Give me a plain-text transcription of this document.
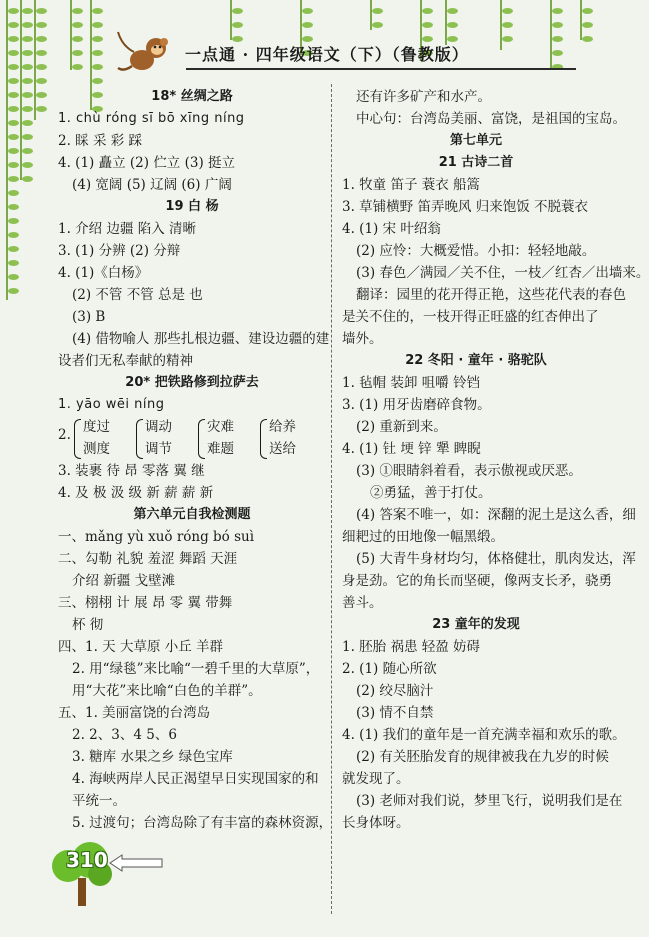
一点通 · 四年级语文（下）（鲁教版）
18* 丝绸之路
1. chù róng sī bō xīng níng
2. 睬 采 彩 踩
4. (1) 矗立 (2) 伫立 (3) 挺立
(4) 宽阔 (5) 辽阔 (6) 广阔
19 白 杨
1. 介绍 边疆 陷入 清晰
3. (1) 分辨 (2) 分辩
4. (1)《白杨》
(2) 不管 不管 总是 也
(3) B
(4) 借物喻人 那些扎根边疆、建设边疆的建
设者们无私奉献的精神
20* 把铁路修到拉萨去
1. yāo wēi níng
2. 度过
测度
调动
调节
灾难
难题
给养
送给
3. 装裹 待 昂 零落 翼 继
4. 及 极 汲 级 新 薪 薪 新
第六单元自我检测题
一、mǎng yù xuǒ róng bó suì
二、勾勒 礼貌 羞涩 舞蹈 天涯
介绍 新疆 戈壁滩
三、栩栩 计 展 昂 零 翼 带舞
杯 彻
四、1. 天 大草原 小丘 羊群
2. 用“绿毯”来比喻“一碧千里的大草原”，
用“大花”来比喻“白色的羊群”。
五、1. 美丽富饶的台湾岛
2. 2、3、4 5、6
3. 糖库 水果之乡 绿色宝库
4. 海峡两岸人民正渴望早日实现国家的和
平统一。
5. 过渡句；台湾岛除了有丰富的森林资源，
还有许多矿产和水产。
中心句：台湾岛美丽、富饶，是祖国的宝岛。
第七单元
21 古诗二首
1. 牧童 笛子 蓑衣 船篙
3. 草铺横野 笛弄晚风 归来饱饭 不脱蓑衣
4. (1) 宋 叶绍翁
(2) 应怜：大概爱惜。小扣：轻轻地敲。
(3) 春色／满园／关不住，一枝／红杏／出墙来。
翻译：园里的花开得正艳，这些花代表的春色
是关不住的，一枝开得正旺盛的红杏伸出了
墙外。
22 冬阳 · 童年 · 骆驼队
1. 毡帽 装卸 咀嚼 铃铛
3. (1) 用牙齿磨碎食物。
(2) 重新到来。
4. (1) 钍 埂 锌 犟 睥睨
(3) ①眼睛斜着看，表示傲视或厌恶。
②勇猛，善于打仗。
(4) 答案不唯一，如：深翻的泥土是这么香，细
细耙过的田地像一幅黑缎。
(5) 大青牛身材均匀，体格健壮，肌肉发达，浑
身是劲。它的角长而坚硬，像两支长矛，骁勇
善斗。
23 童年的发现
1. 胚胎 祸患 轻盈 妨碍
2. (1) 随心所欲
(2) 绞尽脑汁
(3) 情不自禁
4. (1) 我们的童年是一首充满幸福和欢乐的歌。
(2) 有关胚胎发育的规律被我在九岁的时候
就发现了。
(3) 老师对我们说，梦里飞行，说明我们是在
长身体呀。
310
